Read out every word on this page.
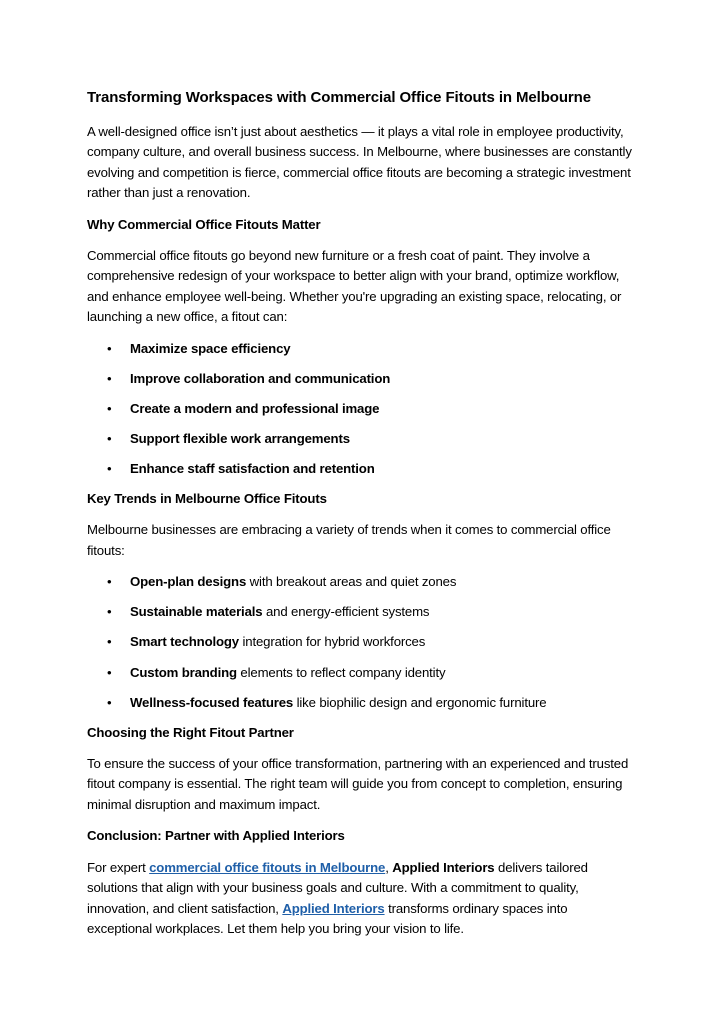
Transforming Workspaces with Commercial Office Fitouts in Melbourne

A well-designed office isn’t just about aesthetics — it plays a vital role in employee productivity, company culture, and overall business success. In Melbourne, where businesses are constantly evolving and competition is fierce, commercial office fitouts are becoming a strategic investment rather than just a renovation.

Why Commercial Office Fitouts Matter

Commercial office fitouts go beyond new furniture or a fresh coat of paint. They involve a comprehensive redesign of your workspace to better align with your brand, optimize workflow, and enhance employee well-being. Whether you're upgrading an existing space, relocating, or launching a new office, a fitout can:

• Maximize space efficiency
• Improve collaboration and communication
• Create a modern and professional image
• Support flexible work arrangements
• Enhance staff satisfaction and retention
Key Trends in Melbourne Office Fitouts

Melbourne businesses are embracing a variety of trends when it comes to commercial office fitouts:

• Open-plan designs with breakout areas and quiet zones
• Sustainable materials and energy-efficient systems
• Smart technology integration for hybrid workforces
• Custom branding elements to reflect company identity
• Wellness-focused features like biophilic design and ergonomic furniture
Choosing the Right Fitout Partner

To ensure the success of your office transformation, partnering with an experienced and trusted fitout company is essential. The right team will guide you from concept to completion, ensuring minimal disruption and maximum impact.

Conclusion: Partner with Applied Interiors

For expert commercial office fitouts in Melbourne, Applied Interiors delivers tailored solutions that align with your business goals and culture. With a commitment to quality, innovation, and client satisfaction, Applied Interiors transforms ordinary spaces into exceptional workplaces. Let them help you bring your vision to life.
